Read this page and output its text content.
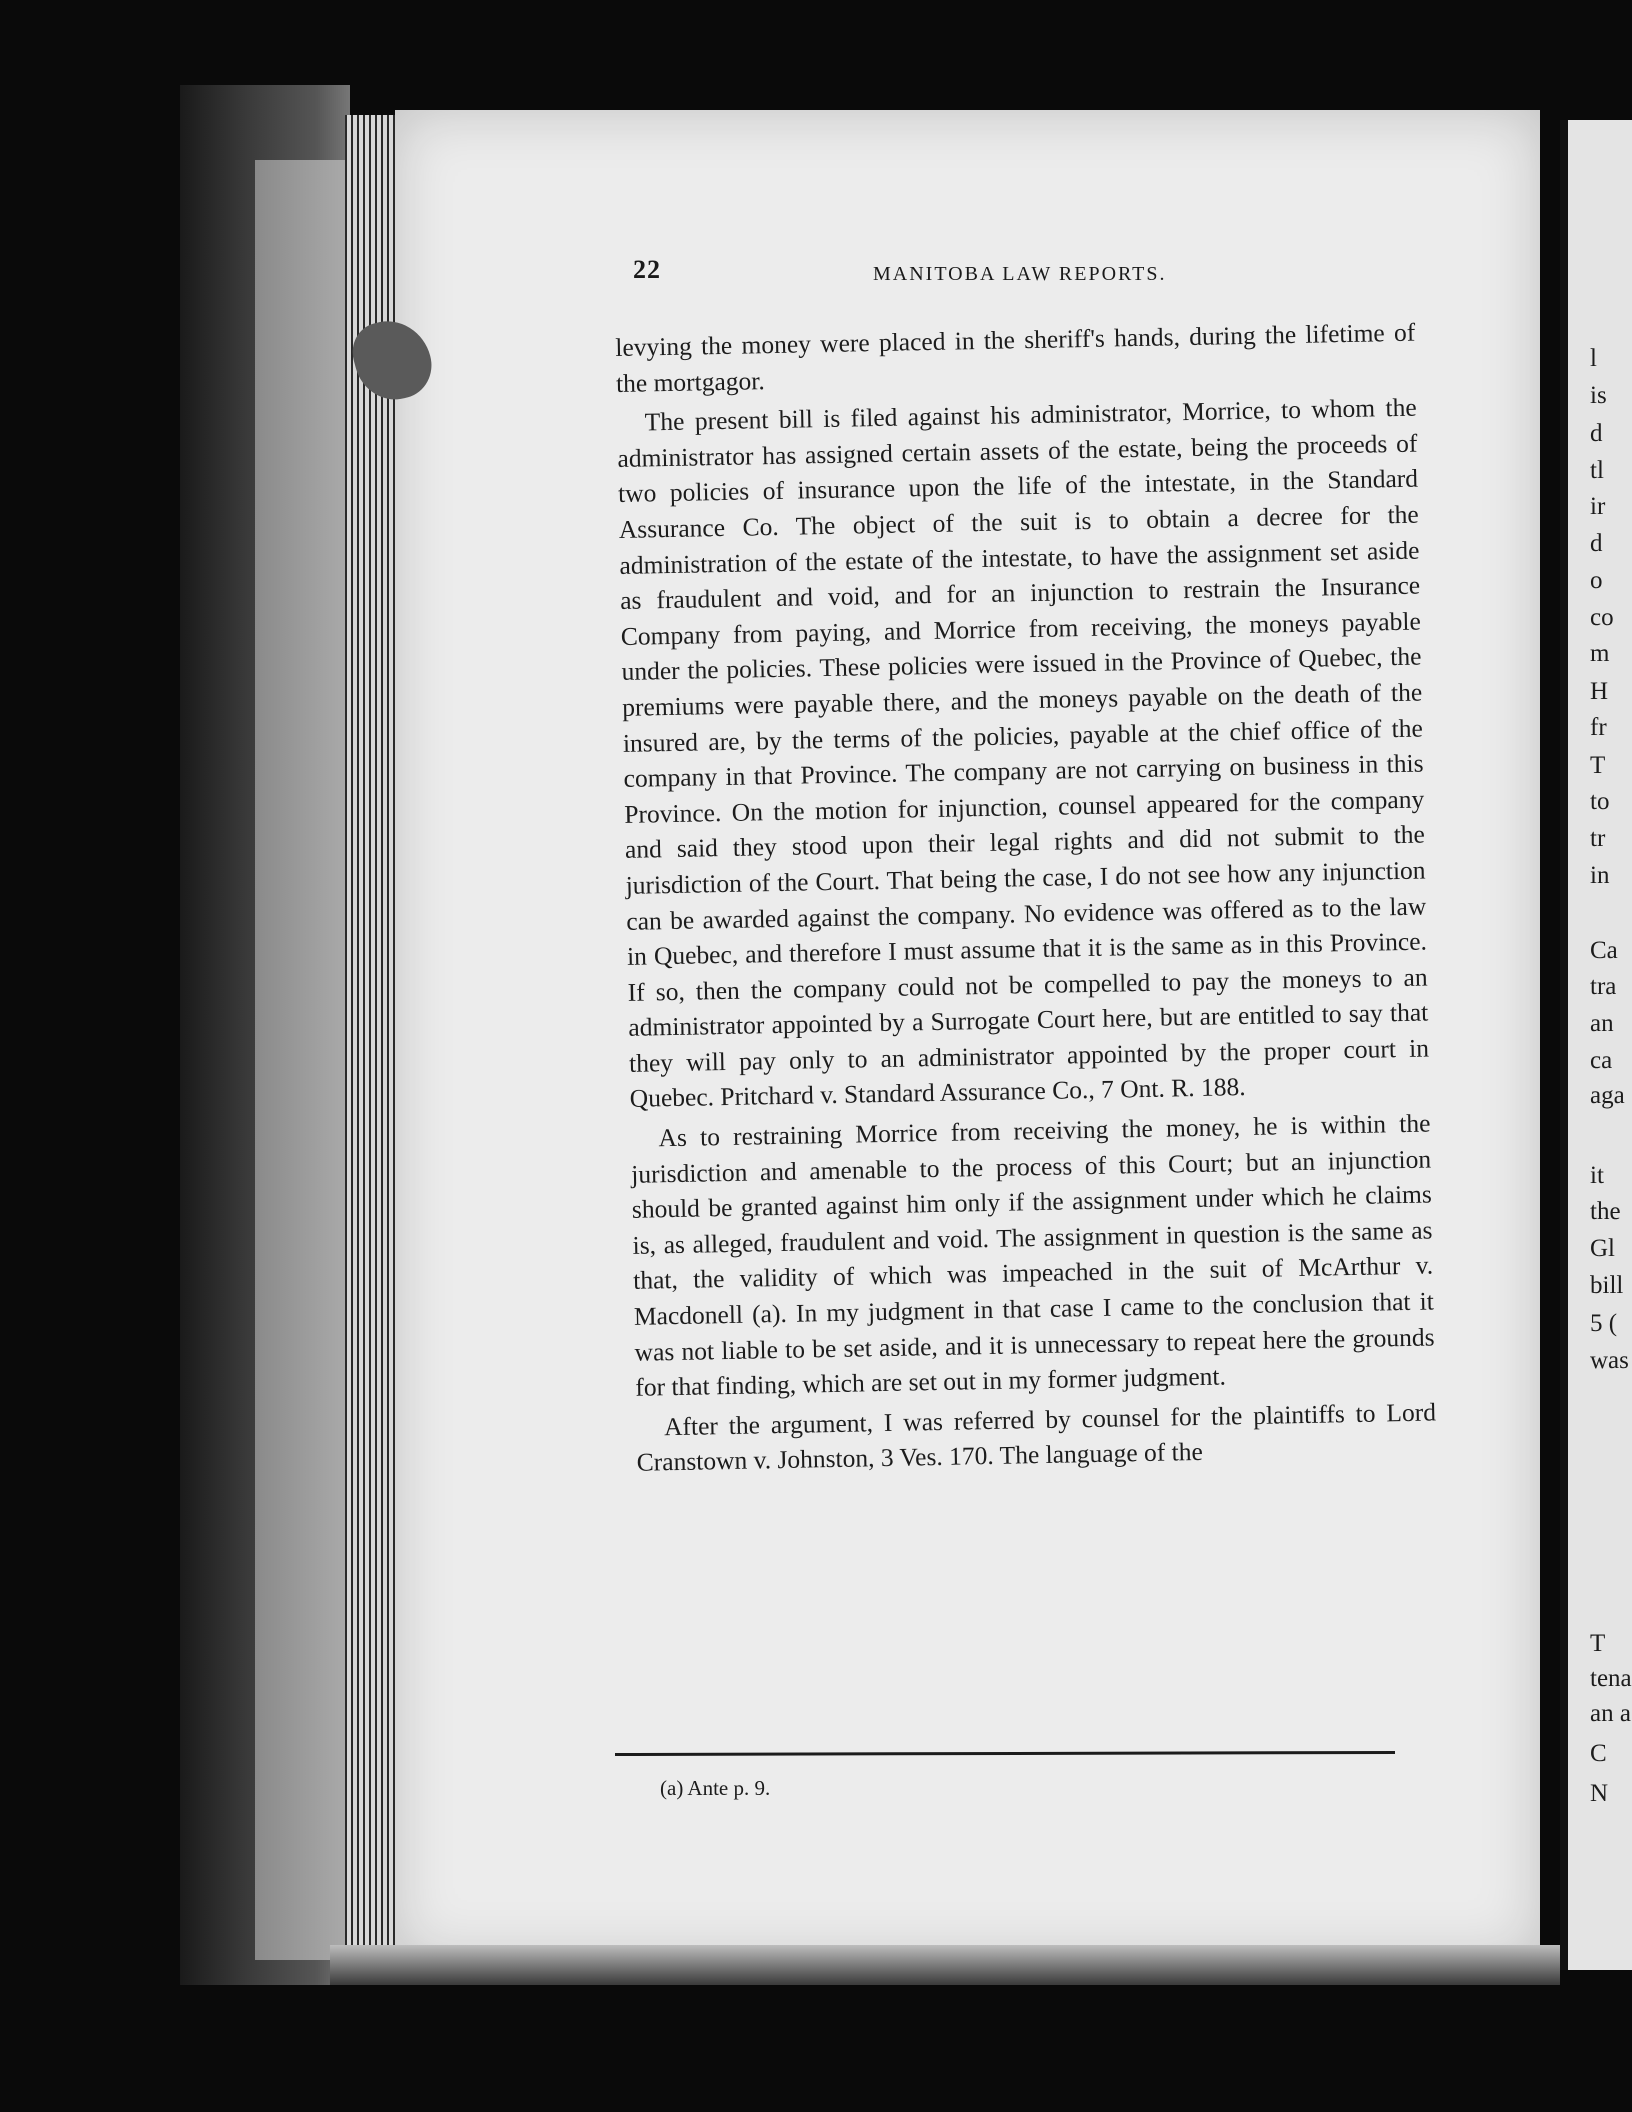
22	MANITOBA LAW REPORTS.

levying the money were placed in the sheriff's hands, during the lifetime of the mortgagor.

The present bill is filed against his administrator, Morrice, to whom the administrator has assigned certain assets of the estate, being the proceeds of two policies of insurance upon the life of the intestate, in the Standard Assurance Co. The object of the suit is to obtain a decree for the administration of the estate of the intestate, to have the assignment set aside as fraudulent and void, and for an injunction to restrain the Insurance Company from paying, and Morrice from receiving, the moneys payable under the policies. These policies were issued in the Province of Quebec, the premiums were payable there, and the moneys payable on the death of the insured are, by the terms of the policies, payable at the chief office of the company in that Province. The company are not carrying on business in this Province. On the motion for injunction, counsel appeared for the company and said they stood upon their legal rights and did not submit to the jurisdiction of the Court. That being the case, I do not see how any injunction can be awarded against the company. No evidence was offered as to the law in Quebec, and therefore I must assume that it is the same as in this Province. If so, then the company could not be compelled to pay the moneys to an administrator appointed by a Surrogate Court here, but are entitled to say that they will pay only to an administrator appointed by the proper court in Quebec. Pritchard v. Standard Assurance Co., 7 Ont. R. 188.

As to restraining Morrice from receiving the money, he is within the jurisdiction and amenable to the process of this Court; but an injunction should be granted against him only if the assignment under which he claims is, as alleged, fraudulent and void. The assignment in question is the same as that, the validity of which was impeached in the suit of McArthur v. Macdonell (a). In my judgment in that case I came to the conclusion that it was not liable to be set aside, and it is unnecessary to repeat here the grounds for that finding, which are set out in my former judgment.

After the argument, I was referred by counsel for the plaintiffs to Lord Cranstown v. Johnston, 3 Ves. 170. The language of the

(a) Ante p. 9.
l
is
d
tl
ir
d
o
co
m
H
fr
T
to
tr
in
Ca
tra
an
ca
aga
it
the
Gl
bill
5 (
was
T
tena
an a
C
N
